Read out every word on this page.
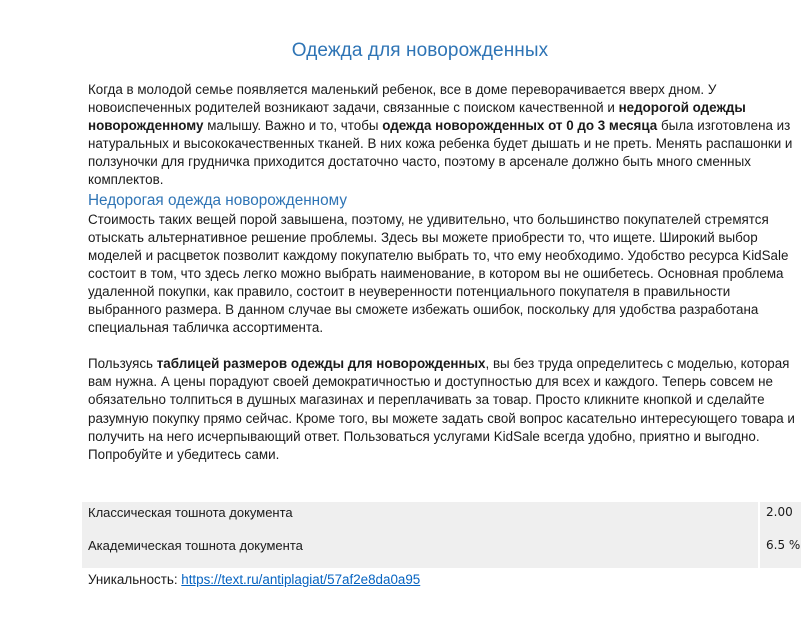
Одежда для новорожденных

Когда в молодой семье появляется маленький ребенок, все в доме переворачивается вверх дном. У новоиспеченных родителей возникают задачи, связанные с поиском качественной и недорогой одежды новорожденному малышу. Важно и то, чтобы одежда новорожденных от 0 до 3 месяца была изготовлена из натуральных и высококачественных тканей. В них кожа ребенка будет дышать и не преть. Менять распашонки и ползуночки для грудничка приходится достаточно часто, поэтому в арсенале должно быть много сменных комплектов.

Недорогая одежда новорожденному

Стоимость таких вещей порой завышена, поэтому, не удивительно, что большинство покупателей стремятся отыскать альтернативное решение проблемы. Здесь вы можете приобрести то, что ищете. Широкий выбор моделей и расцветок позволит каждому покупателю выбрать то, что ему необходимо. Удобство ресурса KidSale состоит в том, что здесь легко можно выбрать наименование, в котором вы не ошибетесь. Основная проблема удаленной покупки, как правило, состоит в неуверенности потенциального покупателя в правильности выбранного размера. В данном случае вы сможете избежать ошибок, поскольку для удобства разработана специальная табличка ассортимента.

Пользуясь таблицей размеров одежды для новорожденных, вы без труда определитесь с моделью, которая вам нужна. А цены порадуют своей демократичностью и доступностью для всех и каждого. Теперь совсем не обязательно толпиться в душных магазинах и переплачивать за товар. Просто кликните кнопкой и сделайте разумную покупку прямо сейчас. Кроме того, вы можете задать свой вопрос касательно интересующего товара и получить на него исчерпывающий ответ. Пользоваться услугами KidSale всегда удобно, приятно и выгодно. Попробуйте и убедитесь сами.

Классическая тошнота документа	2.00
Академическая тошнота документа	6.5 %
Уникальность: https://text.ru/antiplagiat/57af2e8da0a95
